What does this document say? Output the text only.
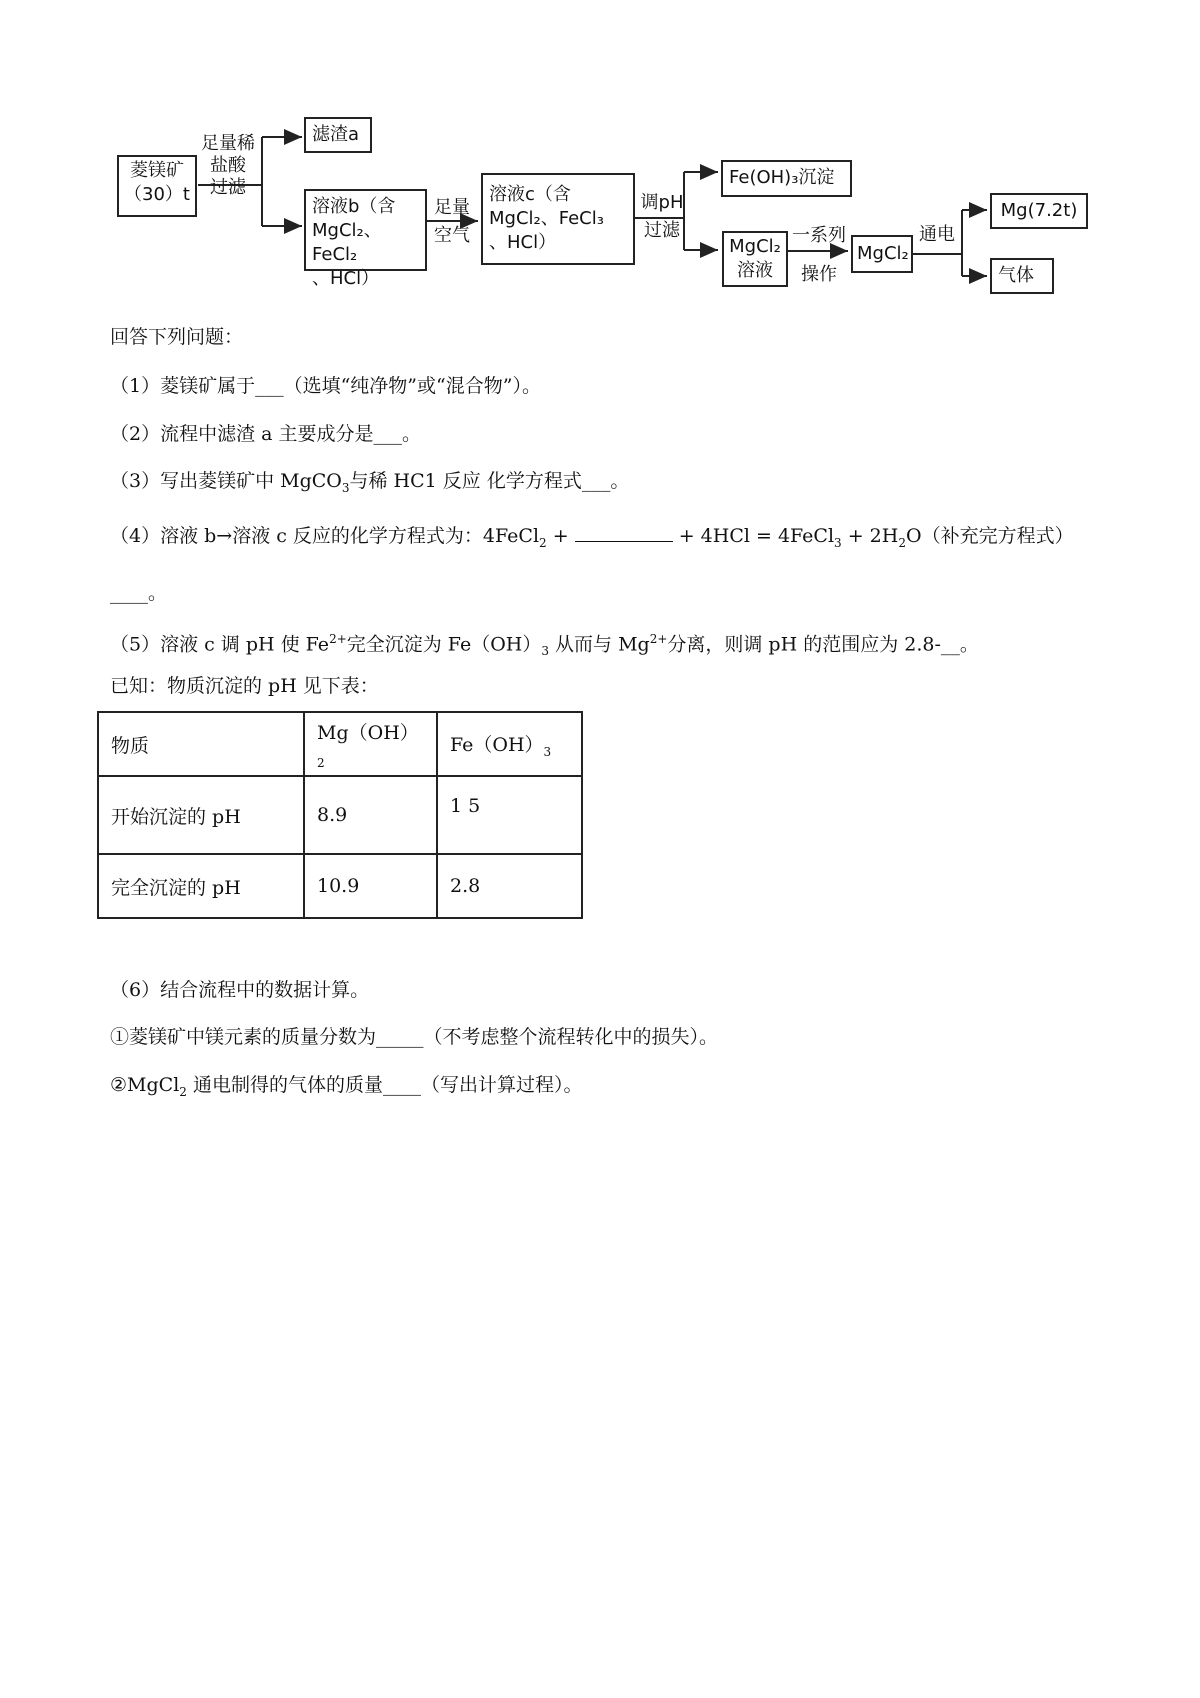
菱镁矿
（30）t
足量稀
盐酸
过滤
滤渣a
溶液b（含
MgCl₂、FeCl₂
、HCl）
足量
空气
溶液c（含
MgCl₂、FeCl₃
、HCl）
调pH
过滤
Fe(OH)₃沉淀
MgCl₂
溶液
一系列
操作
MgCl₂
通电
Mg(7.2t)
气体
回答下列问题：
（1）菱镁矿属于___（选填“纯净物”或“混合物”）。
（2）流程中滤渣 a 主要成分是___。
（3）写出菱镁矿中 MgCO$_3$与稀 HC1 反应 化学方程式___。
（4）溶液 b→溶液 c 反应的化学方程式为：4FeCl$_2$ +	+ 4HCl = 4FeCl$_3$ + $2H_2O$（补充完方程式）
____。
（5）溶液 c 调 pH 使 $Fe^{2+}$完全沉淀为 $Fe(OH)_3$ 从而与 $Mg^{2+}$分离，则调 pH 的范围应为 2.8-__。
已知：物质沉淀的 pH 见下表：
物质	$Mg(OH)_2$	$Fe(OH)_3$
开始沉淀的 pH	8.9	1 5
完全沉淀的 pH	10.9	2.8
（6）结合流程中的数据计算。
①菱镁矿中镁元素的质量分数为_____（不考虑整个流程转化中的损失）。
②MgCl$_2$ 通电制得的气体的质量____（写出计算过程）。
